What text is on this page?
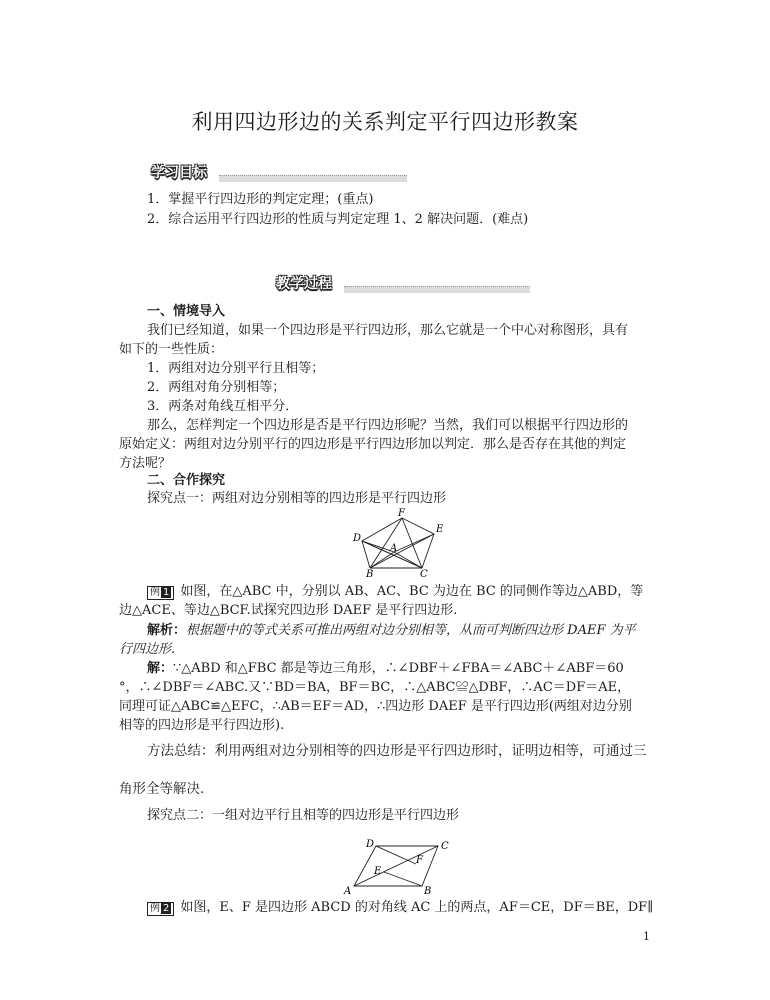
利用四边形边的关系判定平行四边形教案
学习目标
1．掌握平行四边形的判定定理；(重点)
2．综合运用平行四边形的性质与判定定理 1、2 解决问题．(难点)
教学过程
一、情境导入
我们已经知道，如果一个四边形是平行四边形，那么它就是一个中心对称图形，具有
如下的一些性质：
1．两组对边分别平行且相等；
2．两组对角分别相等；
3．两条对角线互相平分．
那么，怎样判定一个四边形是否是平行四边形呢？当然，我们可以根据平行四边形的
原始定义：两组对边分别平行的四边形是平行四边形加以判定．那么是否存在其他的判定
方法呢？
二、合作探究
探究点一：两组对边分别相等的四边形是平行四边形
F
E
D
A
B	C
例 1 如图，在△ABC 中，分别以 AB、AC、BC 为边在 BC 的同侧作等边△ABD，等
边△ACE、等边△BCF.试探究四边形 DAEF 是平行四边形.
解析：根据题中的等式关系可推出两组对边分别相等，从而可判断四边形 DAEF 为平
行四边形.
解：∵△ABD 和△FBC 都是等边三角形，∴∠DBF＋∠FBA＝∠ABC＋∠ABF＝60
°，∴∠DBF＝∠ABC.又∵BD＝BA，BF＝BC，∴△ABC≌△DBF，∴AC＝DF＝AE，
同理可证△ABC≌△EFC，∴AB＝EF＝AD，∴四边形 DAEF 是平行四边形(两组对边分别
相等的四边形是平行四边形).
方法总结：利用两组对边分别相等的四边形是平行四边形时，证明边相等，可通过三
角形全等解决.
探究点二：一组对边平行且相等的四边形是平行四边形
D	C
F
E
A	B
例 2 如图，E、F 是四边形 ABCD 的对角线 AC 上的两点，AF＝CE，DF＝BE，DF∥
1
